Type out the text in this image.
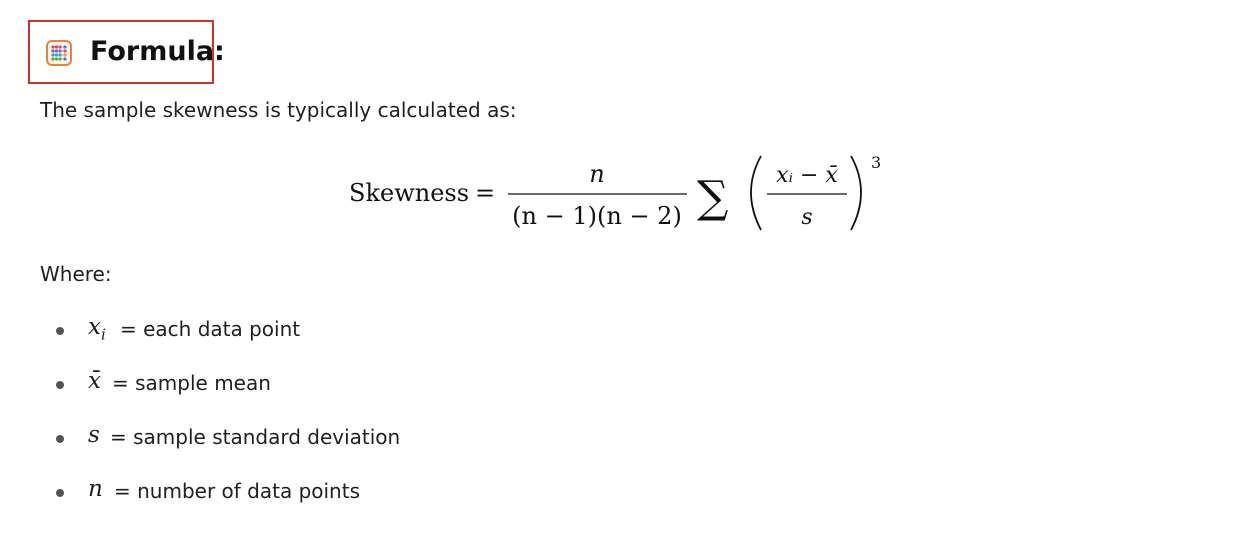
Formula:
The sample skewness is typically calculated as:
Skewness =
n
(n − 1)(n − 2) ∑ xᵢ − x̄
s
3
Where:
$x_i$ = each data point
x̄ = sample mean
s = sample standard deviation
n = number of data points
